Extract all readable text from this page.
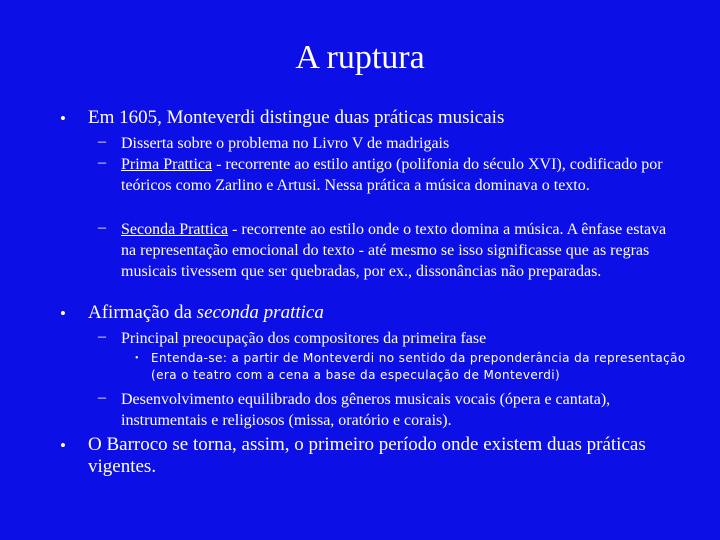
A ruptura
• Em 1605, Monteverdi distingue duas práticas musicais
– Disserta sobre o problema no Livro V de madrigais
– Prima Prattica - recorrente ao estilo antigo (polifonia do século XVI), codificado por teóricos como Zarlino e Artusi. Nessa prática a música dominava o texto.
– Seconda Prattica - recorrente ao estilo onde o texto domina a música. A ênfase estava na representação emocional do texto - até mesmo se isso significasse que as regras musicais tivessem que ser quebradas, por ex., dissonâncias não preparadas.
• Afirmação da seconda prattica
– Principal preocupação dos compositores da primeira fase
• Entenda-se: a partir de Monteverdi no sentido da preponderância da representação (era o teatro com a cena a base da especulação de Monteverdi)
– Desenvolvimento equilibrado dos gêneros musicais vocais (ópera e cantata), instrumentais e religiosos (missa, oratório e corais).
• O Barroco se torna, assim, o primeiro período onde existem duas práticas vigentes.
